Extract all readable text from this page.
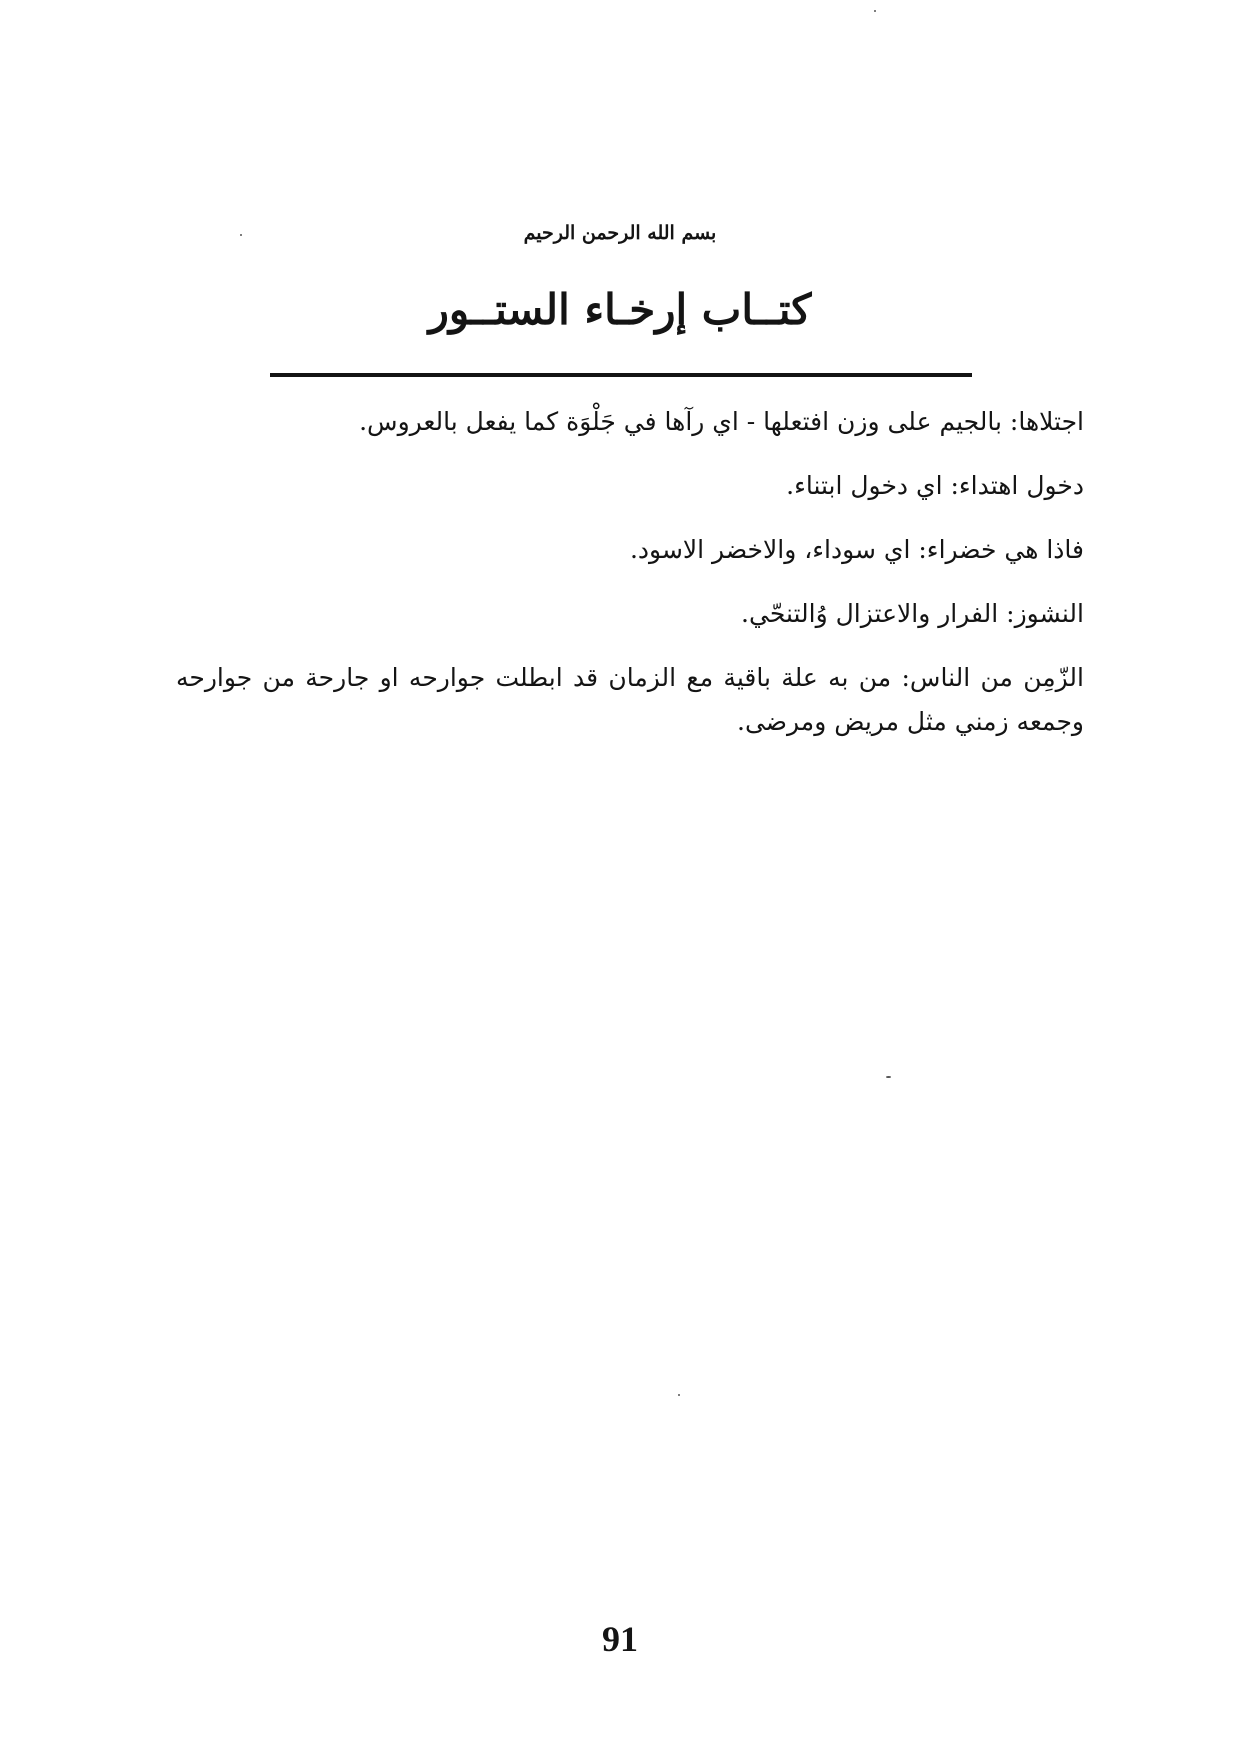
بسم الله الرحمن الرحيم
كتــاب إرخـاء الستــور

اجتلاها: بالجيم على وزن افتعلها - اي رآها في جَلْوَة كما يفعل بالعروس.

دخول اهتداء: اي دخول ابتناء.

فاذا هي خضراء: اي سوداء، والاخضر الاسود.

النشوز: الفرار والاعتزال وُالتنحّي.

الزّمِن من الناس: من به علة باقية مع الزمان قد ابطلت جوارحه او جارحة من جوارحه وجمعه زمني مثل مريض ومرضى.

91
